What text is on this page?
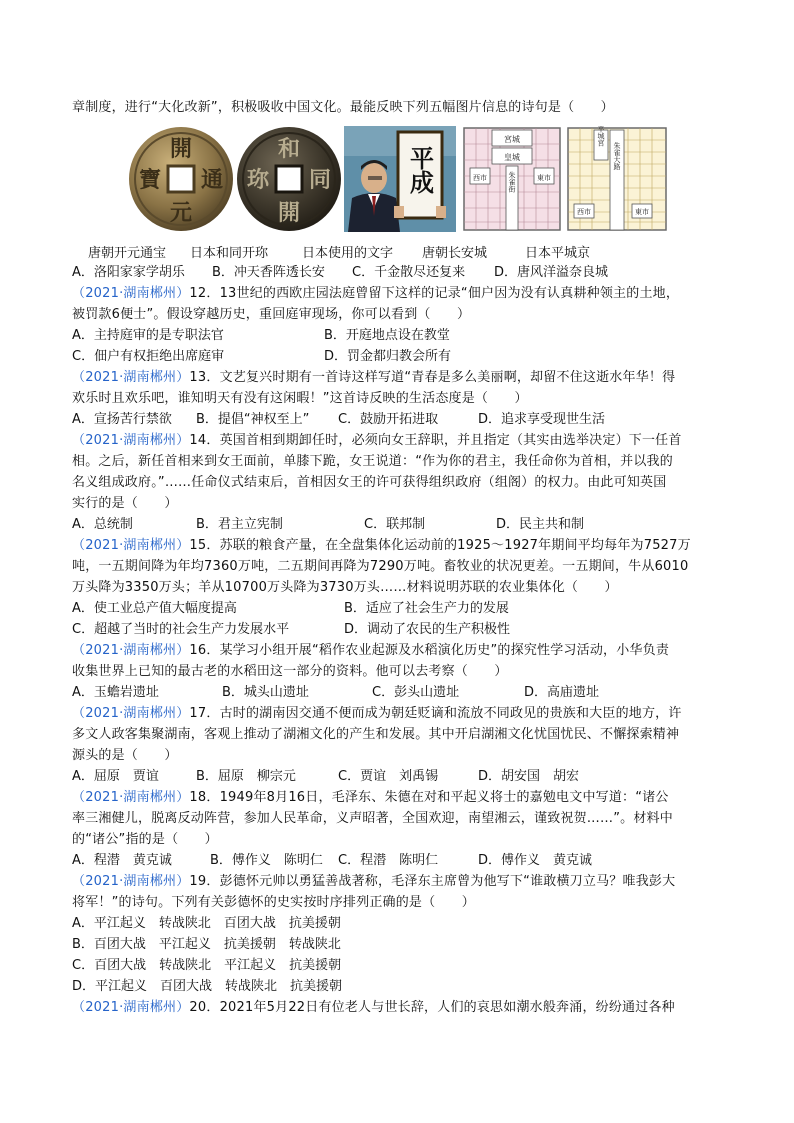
章制度，进行“大化改新”，积极吸收中国文化。最能反映下列五幅图片信息的诗句是（　　）
開
元
通
寶
和
同
開
珎	平成
宮城
皇城
西市	朱雀街	東市
平城宮
朱雀大路
西市	東市
唐朝开元通宝 日本和同开珎	日本使用的文字 唐朝长安城	日本平城京
A．洛阳家家学胡乐 B．冲天香阵透长安 C．千金散尽还复来 D．唐风洋溢奈良城
（2021·湖南郴州）12．13世纪的西欧庄园法庭曾留下这样的记录“佃户因为没有认真耕种领主的土地，
被罚款6便士”。假设穿越历史，重回庭审现场，你可以看到（　　）
A．主持庭审的是专职法官	B．开庭地点设在教堂
C．佃户有权拒绝出席庭审	D．罚金都归教会所有
（2021·湖南郴州）13．文艺复兴时期有一首诗这样写道“青春是多么美丽啊，却留不住这逝水年华！得
欢乐时且欢乐吧，谁知明天有没有这闲暇！”这首诗反映的生活态度是（　　）
A．宣扬苦行禁欲 B．提倡“神权至上” C．鼓励开拓进取	D．追求享受现世生活
（2021·湖南郴州）14．英国首相到期卸任时，必须向女王辞职，并且指定（其实由选举决定）下一任首
相。之后，新任首相来到女王面前，单膝下跪，女王说道：“作为你的君主，我任命你为首相，并以我的
名义组成政府。”……任命仪式结束后，首相因女王的许可获得组织政府（组阁）的权力。由此可知英国
实行的是（　　）
A．总统制	B．君主立宪制	C．联邦制	D．民主共和制
（2021·湖南郴州）15．苏联的粮食产量，在全盘集体化运动前的1925～1927年期间平均每年为7527万
吨，一五期间降为年均7360万吨，二五期间再降为7290万吨。畜牧业的状况更差。一五期间，牛从6010
万头降为3350万头；羊从10700万头降为3730万头……材料说明苏联的农业集体化（　　）
A．使工业总产值大幅度提高	B．适应了社会生产力的发展
C．超越了当时的社会生产力发展水平	D．调动了农民的生产积极性
（2021·湖南郴州）16．某学习小组开展“稻作农业起源及水稻演化历史”的探究性学习活动，小华负责
收集世界上已知的最古老的水稻田这一部分的资料。他可以去考察（　　）
A．玉蟾岩遗址	B．城头山遗址	C．彭头山遗址	D．高庙遗址
（2021·湖南郴州）17．古时的湖南因交通不便而成为朝廷贬谪和流放不同政见的贵族和大臣的地方，许
多文人政客集聚湖南，客观上推动了湖湘文化的产生和发展。其中开启湖湘文化忧国忧民、不懈探索精神
源头的是（　　）
A．屈原　贾谊	B．屈原　柳宗元	C．贾谊　刘禹锡	D．胡安国　胡宏
（2021·湖南郴州）18．1949年8月16日，毛泽东、朱德在对和平起义将士的嘉勉电文中写道：“诸公
率三湘健儿，脱离反动阵营，参加人民革命，义声昭著，全国欢迎，南望湘云，谨致祝贺……”。材料中
的“诸公”指的是（　　）
A．程潜　黄克诚	B．傅作义　陈明仁 C．程潜　陈明仁	D．傅作义　黄克诚
（2021·湖南郴州）19．彭德怀元帅以勇猛善战著称，毛泽东主席曾为他写下“谁敢横刀立马？唯我彭大
将军！”的诗句。下列有关彭德怀的史实按时序排列正确的是（　　）
A．平江起义　转战陕北　百团大战　抗美援朝
B．百团大战　平江起义　抗美援朝　转战陕北
C．百团大战　转战陕北　平江起义　抗美援朝
D．平江起义　百团大战　转战陕北　抗美援朝
（2021·湖南郴州）20．2021年5月22日有位老人与世长辞，人们的哀思如潮水般奔涌，纷纷通过各种
